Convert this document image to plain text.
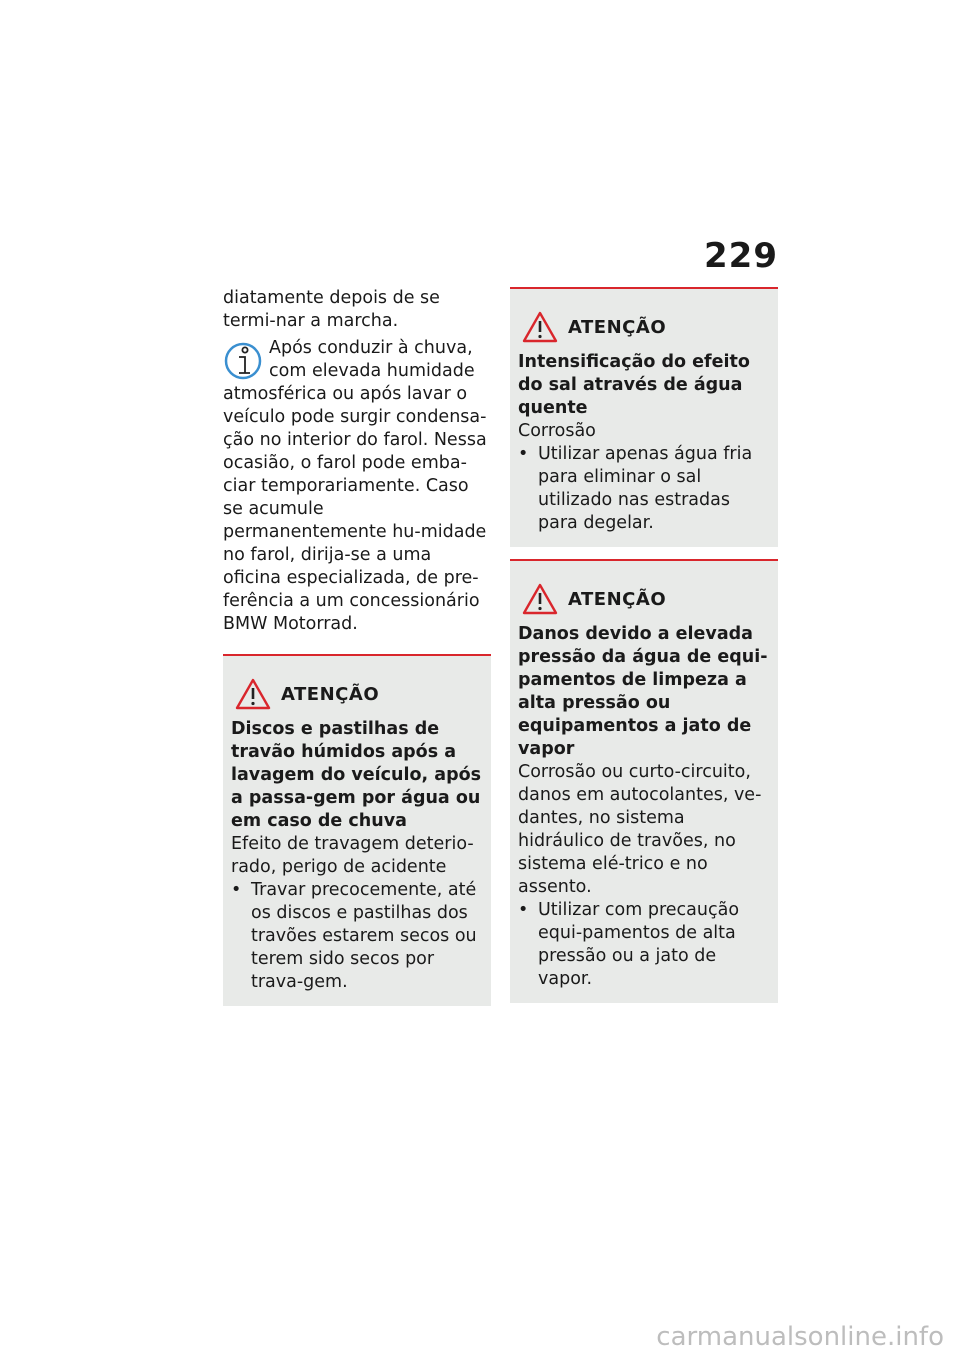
229

diatamente depois de se termi-nar a marcha.

Após conduzir à chuva, com elevada humidade atmosférica ou após lavar o veículo pode surgir condensa-ção no interior do farol. Nessa ocasião, o farol pode emba-ciar temporariamente. Caso se acumule permanentemente hu-midade no farol, dirija-se a uma oficina especializada, de pre-ferência a um concessionário BMW Motorrad.

ATENÇÃO

Discos e pastilhas de travão húmidos após a lavagem do veículo, após a passa-gem por água ou em caso de chuva

Efeito de travagem deterio-rado, perigo de acidente

• Travar precocemente, até os discos e pastilhas dos travões estarem secos ou terem sido secos por trava-gem.

ATENÇÃO

Intensificação do efeito do sal através de água quente

Corrosão

• Utilizar apenas água fria para eliminar o sal utilizado nas estradas para degelar.

ATENÇÃO

Danos devido a elevada pressão da água de equi-pamentos de limpeza a alta pressão ou equipamentos a jato de vapor

Corrosão ou curto-circuito, danos em autocolantes, ve-dantes, no sistema hidráulico de travões, no sistema elé-trico e no assento.

• Utilizar com precaução equi-pamentos de alta pressão ou a jato de vapor.

carmanualsonline.info
